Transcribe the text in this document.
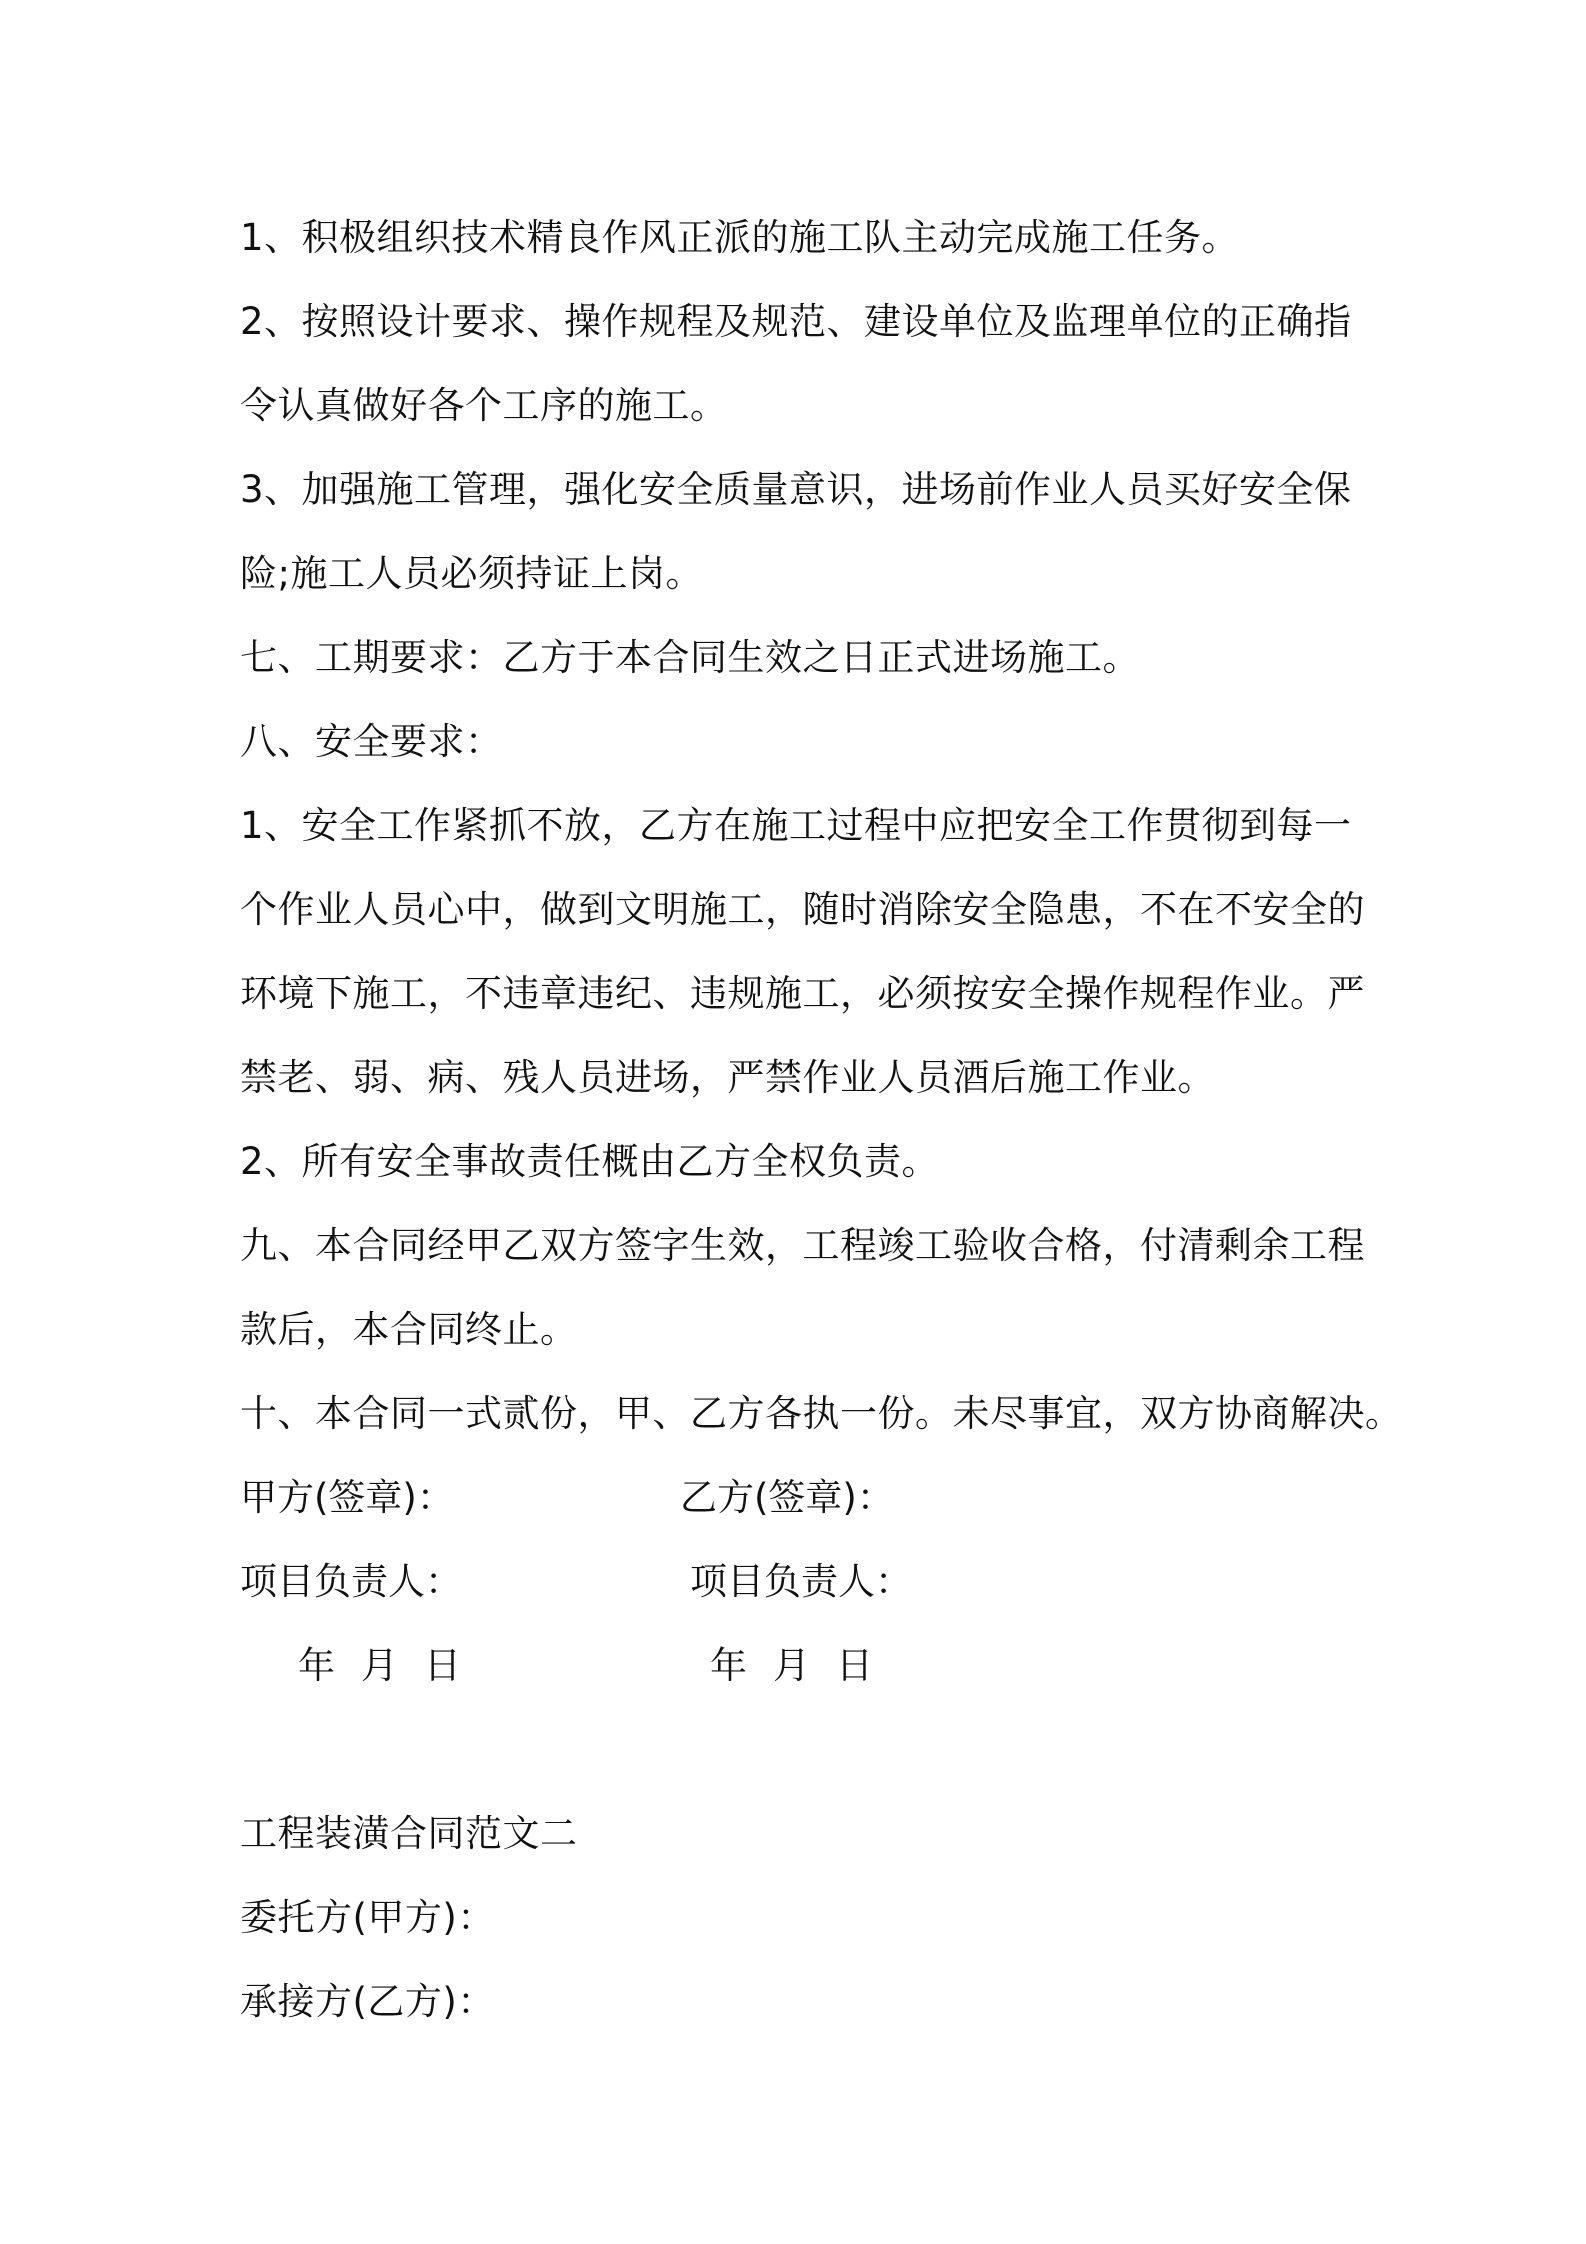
1、积极组织技术精良作风正派的施工队主动完成施工任务。
2、按照设计要求、操作规程及规范、建设单位及监理单位的正确指
令认真做好各个工序的施工。
3、加强施工管理，强化安全质量意识，进场前作业人员买好安全保
险;施工人员必须持证上岗。
七、工期要求：乙方于本合同生效之日正式进场施工。
八、安全要求：
1、安全工作紧抓不放，乙方在施工过程中应把安全工作贯彻到每一
个作业人员心中，做到文明施工，随时消除安全隐患，不在不安全的
环境下施工，不违章违纪、违规施工，必须按安全操作规程作业。严
禁老、弱、病、残人员进场，严禁作业人员酒后施工作业。
2、所有安全事故责任概由乙方全权负责。
九、本合同经甲乙双方签字生效，工程竣工验收合格，付清剩余工程
款后，本合同终止。
十、本合同一式贰份，甲、乙方各执一份。未尽事宜，双方协商解决。
甲方(签章)：	乙方(签章)：
项目负责人：	项目负责人：
年 月 日	年 月 日
工程装潢合同范文二
委托方(甲方)：
承接方(乙方)：
